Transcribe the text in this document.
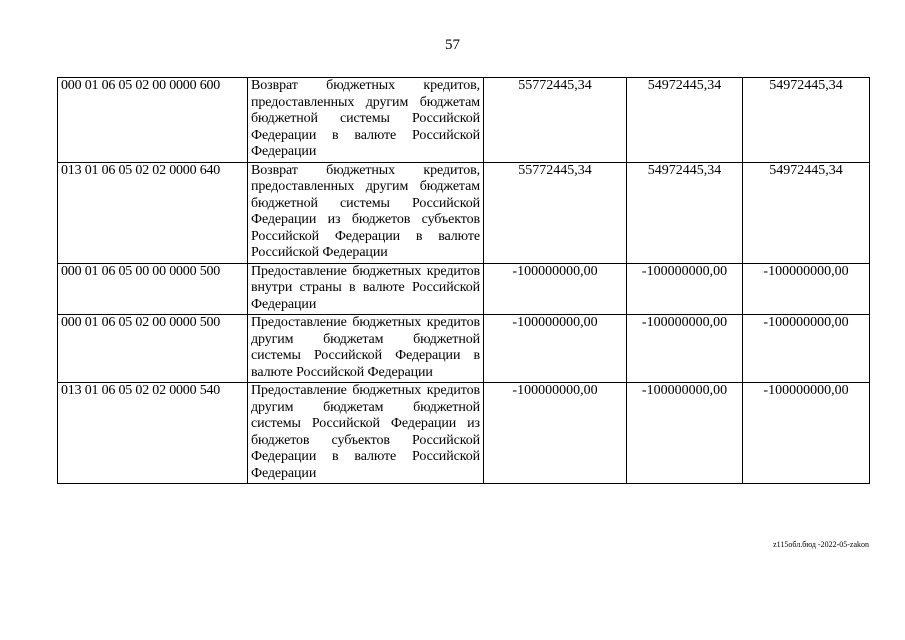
57
000 01 06 05 02 00 0000 600	Возврат бюджетных кредитов, предоставленных другим бюджетам бюджетной системы Российской Федерации в валюте Российской Федерации	55772445,34	54972445,34	54972445,34
013 01 06 05 02 02 0000 640	Возврат бюджетных кредитов, предоставленных другим бюджетам бюджетной системы Российской Федерации из бюджетов субъектов Российской Федерации в валюте Российской Федерации	55772445,34	54972445,34	54972445,34
000 01 06 05 00 00 0000 500	Предоставление бюджетных кредитов внутри страны в валюте Российской Федерации	-100000000,00	-100000000,00	-100000000,00
000 01 06 05 02 00 0000 500	Предоставление бюджетных кредитов другим бюджетам бюджетной системы Российской Федерации в валюте Российской Федерации	-100000000,00	-100000000,00	-100000000,00
013 01 06 05 02 02 0000 540	Предоставление бюджетных кредитов другим бюджетам бюджетной системы Российской Федерации из бюджетов субъектов Российской Федерации в валюте Российской Федерации	-100000000,00	-100000000,00	-100000000,00
z115обл.бюд -2022-05-zakon
